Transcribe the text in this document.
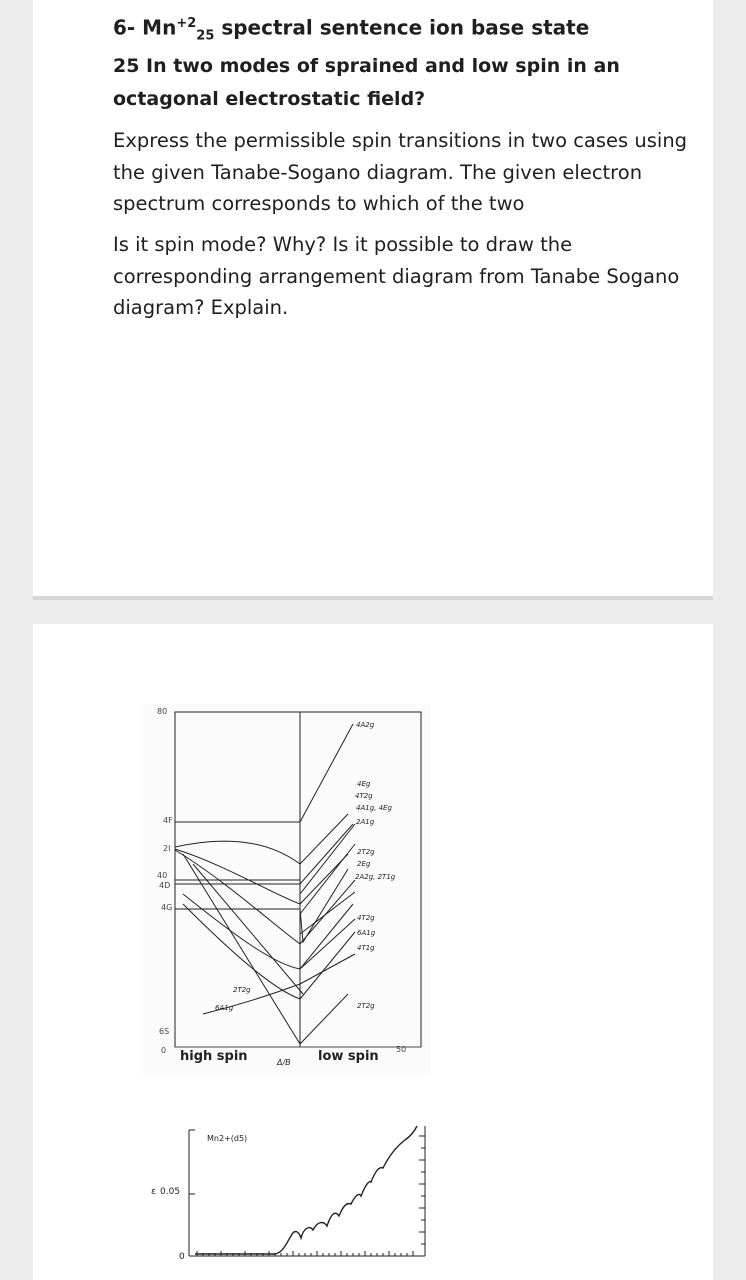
6- $Mn^{+2}_{25}$ spectral sentence ion base state

25 In two modes of sprained and low spin in an octagonal electrostatic field?

Express the permissible spin transitions in two cases using the given Tanabe-Sogano diagram. The given electron spectrum corresponds to which of the two

Is it spin mode? Why? Is it possible to draw the corresponding arrangement diagram from Tanabe Sogano diagram? Explain.

80
4F
2I
40
4D
4G
6S
0	50
high spin	Δ/B low spin
4A2g
4Eg
4T2g
4A1g, 4Eg
2A1g
2T2g
2Eg
2A2g, 2T1g
4T2g
6A1g
4T1g
2T2g
2T2g
6A1g
Mn2+(d5)
ε 0.05
0
